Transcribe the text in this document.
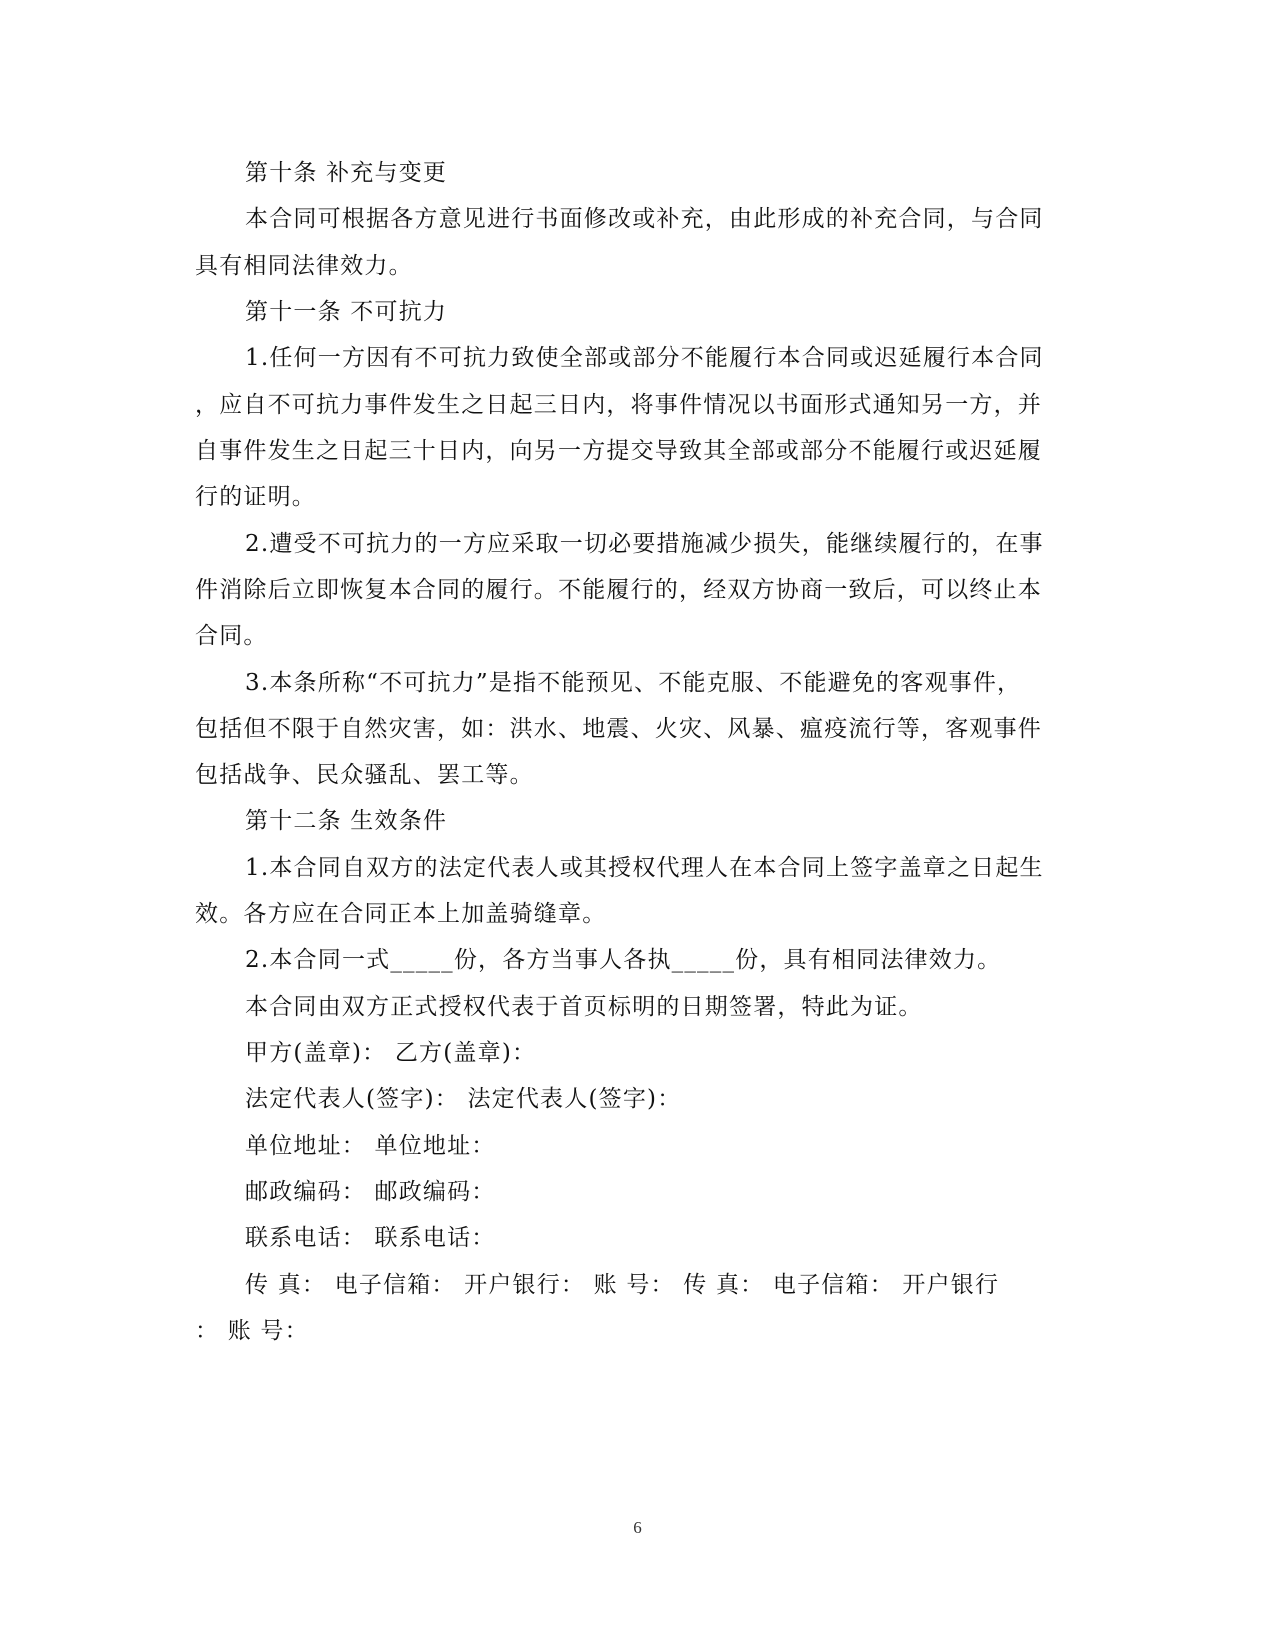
第十条 补充与变更
本合同可根据各方意见进行书面修改或补充，由此形成的补充合同，与合同
具有相同法律效力。
第十一条 不可抗力
1.任何一方因有不可抗力致使全部或部分不能履行本合同或迟延履行本合同
，应自不可抗力事件发生之日起三日内，将事件情况以书面形式通知另一方，并
自事件发生之日起三十日内，向另一方提交导致其全部或部分不能履行或迟延履
行的证明。
2.遭受不可抗力的一方应采取一切必要措施减少损失，能继续履行的，在事
件消除后立即恢复本合同的履行。不能履行的，经双方协商一致后，可以终止本
合同。
3.本条所称“不可抗力”是指不能预见、不能克服、不能避免的客观事件，
包括但不限于自然灾害，如：洪水、地震、火灾、风暴、瘟疫流行等，客观事件
包括战争、民众骚乱、罢工等。
第十二条 生效条件
1.本合同自双方的法定代表人或其授权代理人在本合同上签字盖章之日起生
效。各方应在合同正本上加盖骑缝章。
2.本合同一式_____份，各方当事人各执_____份，具有相同法律效力。
本合同由双方正式授权代表于首页标明的日期签署，特此为证。
甲方(盖章)： 乙方(盖章)：
法定代表人(签字)： 法定代表人(签字)：
单位地址： 单位地址：
邮政编码： 邮政编码：
联系电话： 联系电话：
传 真： 电子信箱： 开户银行： 账 号： 传 真： 电子信箱： 开户银行
： 账 号：
6
